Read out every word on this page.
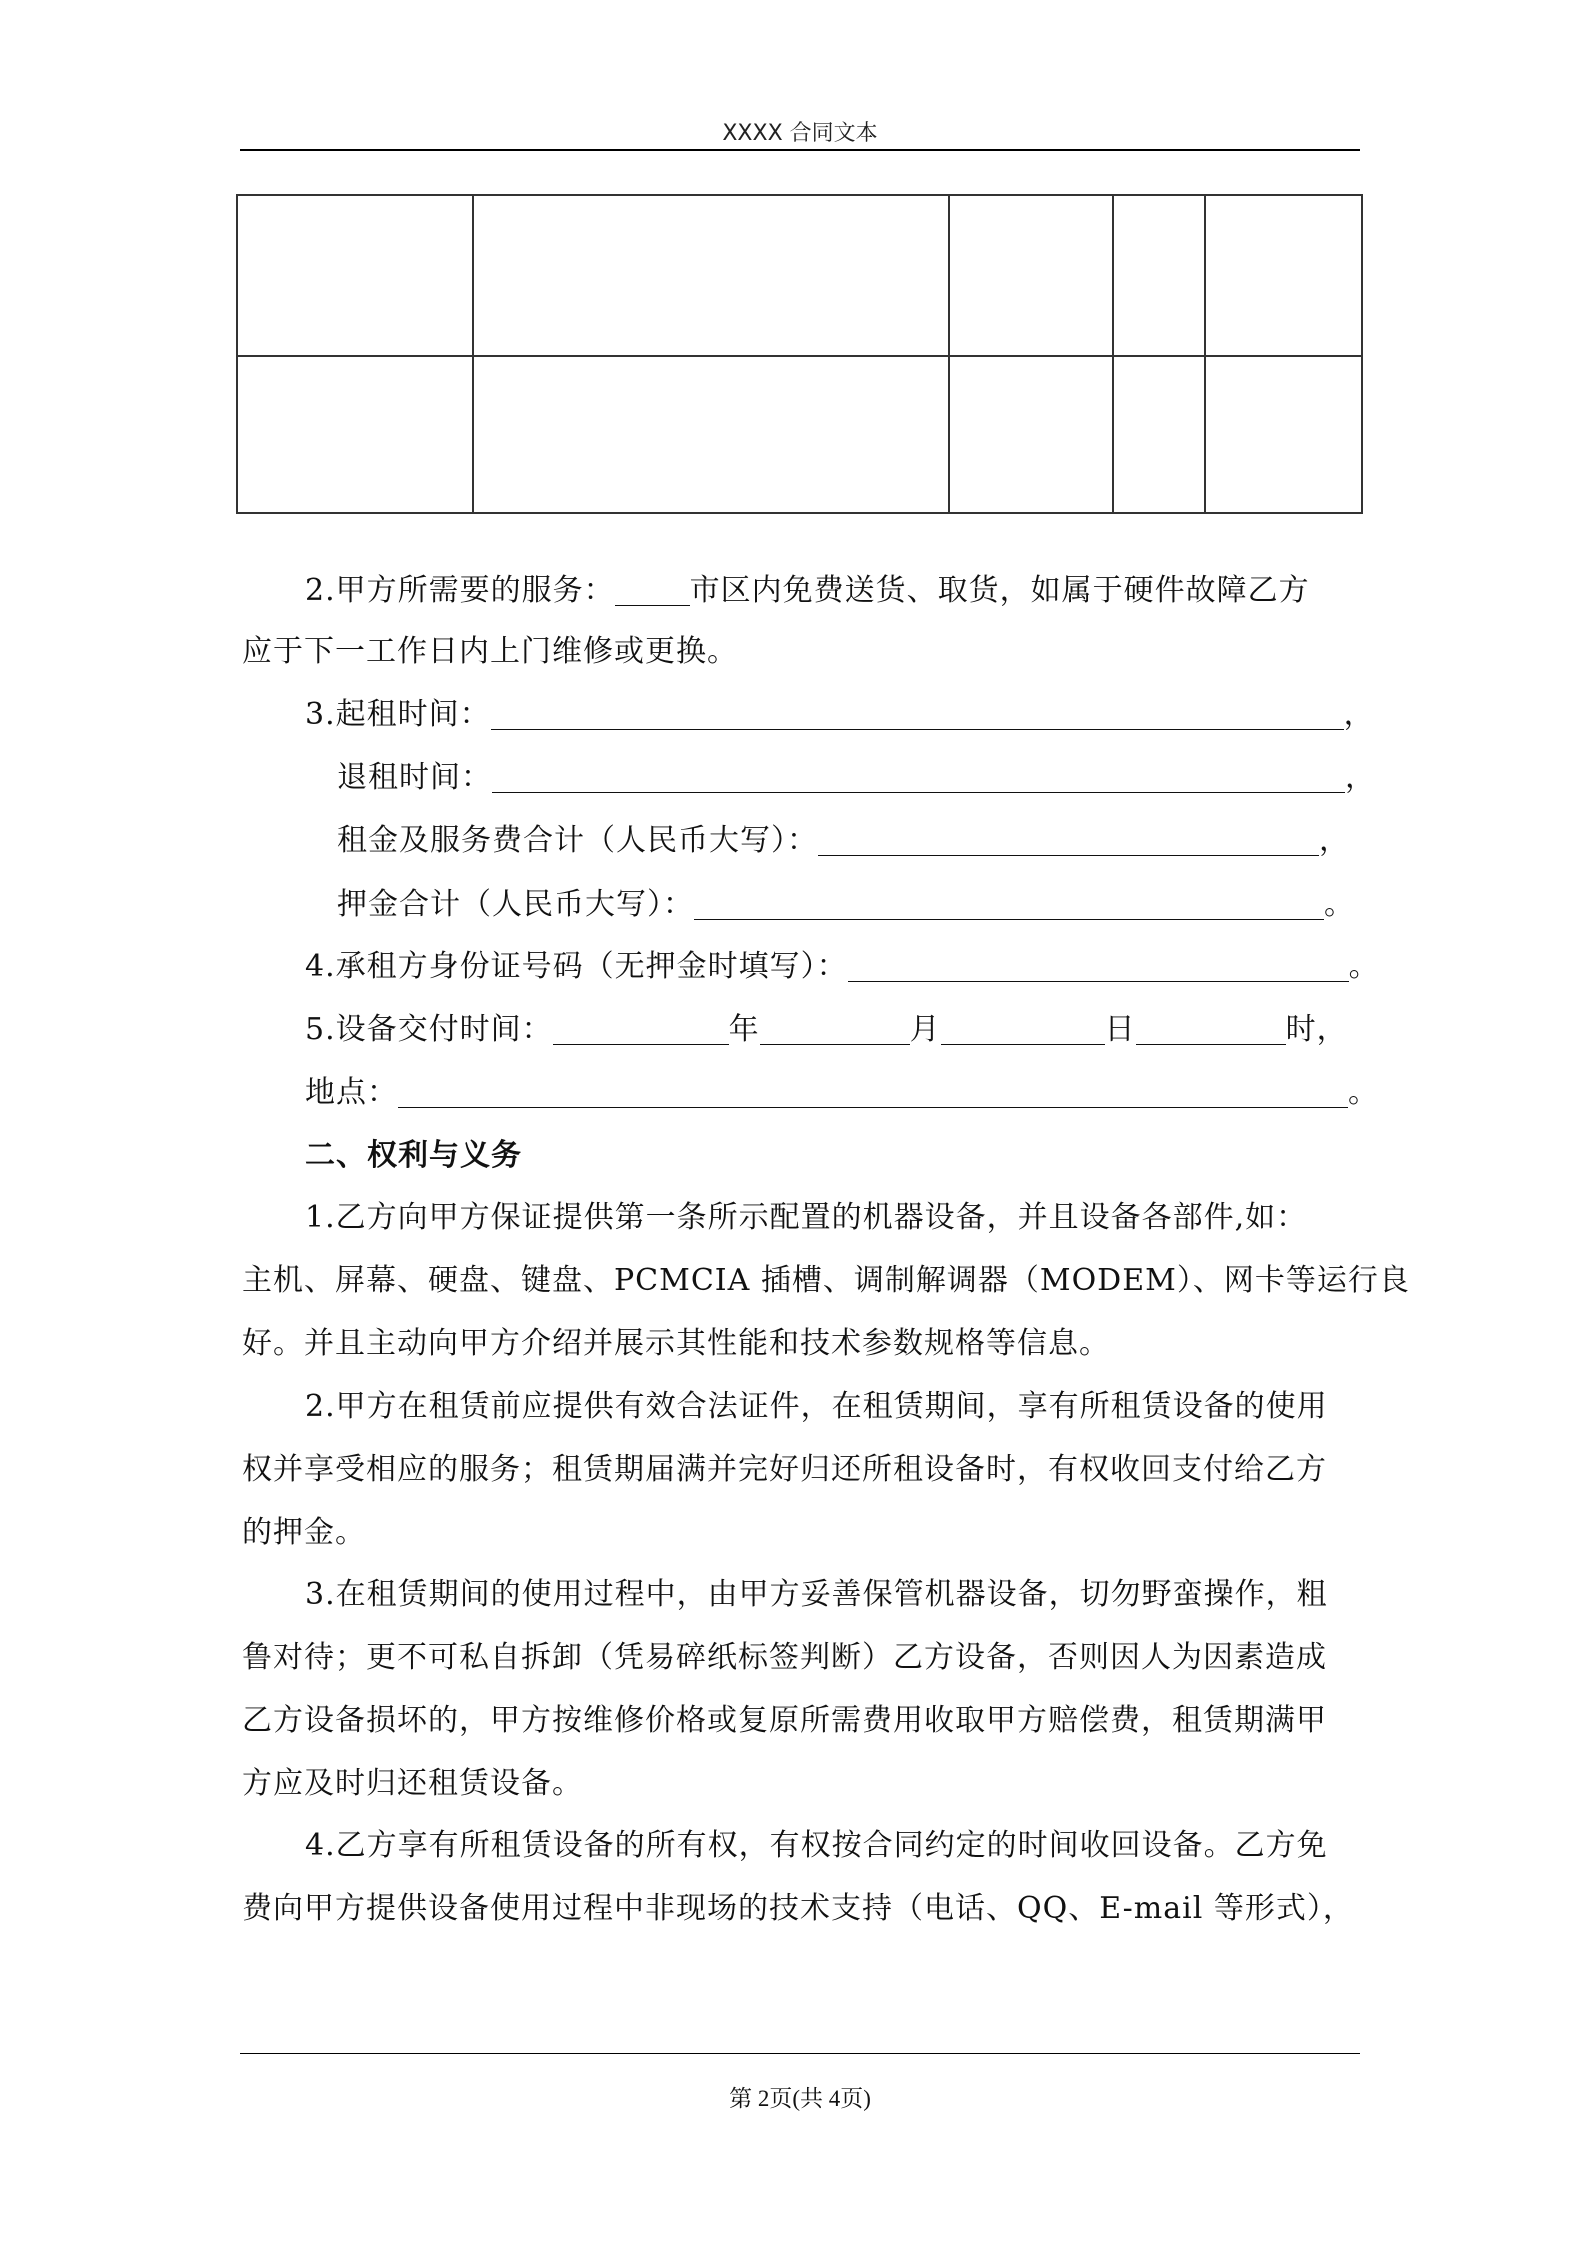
XXXX 合同文本
2.甲方所需要的服务：	市区内免费送货、取货，如属于硬件故障乙方
应于下一工作日内上门维修或更换。
3.起租时间：	，
退租时间：	，
租金及服务费合计（人民币大写）：	，
押金合计（人民币大写）：	。
4.承租方身份证号码（无押金时填写）：	。
5.设备交付时间：	年	月	日	时，
地点：	。
二、权利与义务
1.乙方向甲方保证提供第一条所示配置的机器设备，并且设备各部件,如：
主机、屏幕、硬盘、键盘、PCMCIA 插槽、调制解调器（MODEM）、网卡等运行良
好。并且主动向甲方介绍并展示其性能和技术参数规格等信息。
2.甲方在租赁前应提供有效合法证件，在租赁期间，享有所租赁设备的使用
权并享受相应的服务；租赁期届满并完好归还所租设备时，有权收回支付给乙方
的押金。
3.在租赁期间的使用过程中，由甲方妥善保管机器设备，切勿野蛮操作，粗
鲁对待；更不可私自拆卸（凭易碎纸标签判断）乙方设备，否则因人为因素造成
乙方设备损坏的，甲方按维修价格或复原所需费用收取甲方赔偿费，租赁期满甲
方应及时归还租赁设备。
4.乙方享有所租赁设备的所有权，有权按合同约定的时间收回设备。乙方免
费向甲方提供设备使用过程中非现场的技术支持（电话、QQ、E-mail 等形式），
第 2页(共 4页)
